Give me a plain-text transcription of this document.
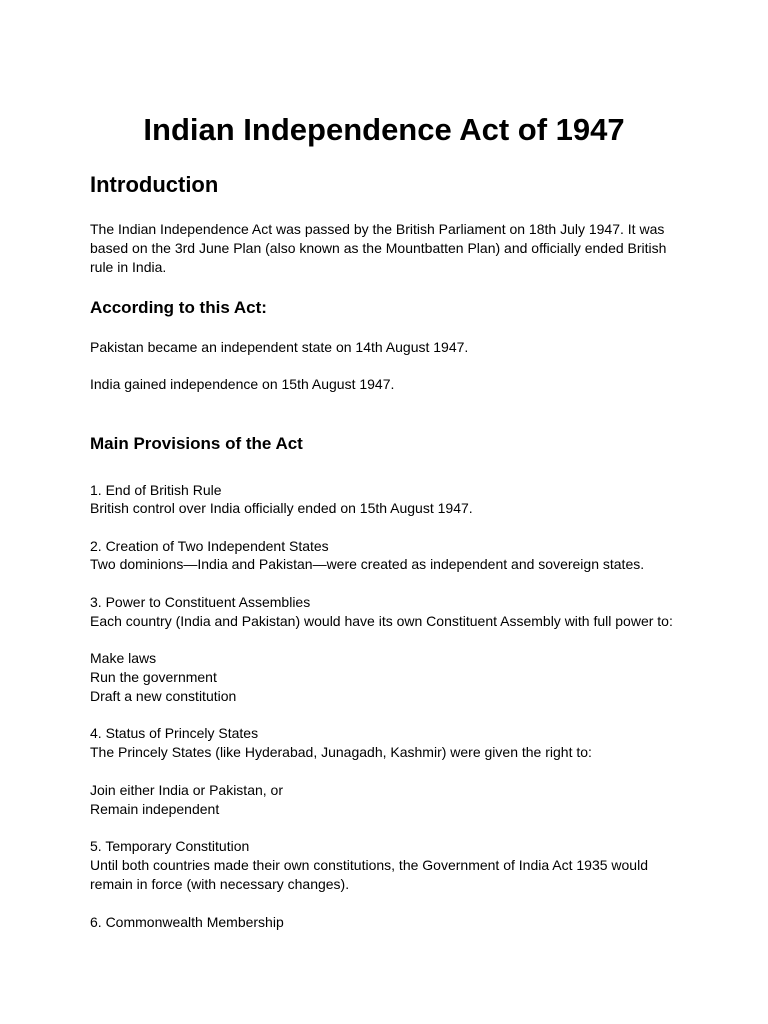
Indian Independence Act of 1947
Introduction

The Indian Independence Act was passed by the British Parliament on 18th July 1947. It was based on the 3rd June Plan (also known as the Mountbatten Plan) and officially ended British rule in India.

According to this Act:

Pakistan became an independent state on 14th August 1947.

India gained independence on 15th August 1947.

Main Provisions of the Act

1. End of British Rule

British control over India officially ended on 15th August 1947.

2. Creation of Two Independent States

Two dominions—India and Pakistan—were created as independent and sovereign states.

3. Power to Constituent Assemblies

Each country (India and Pakistan) would have its own Constituent Assembly with full power to:

Make laws

Run the government

Draft a new constitution

4. Status of Princely States

The Princely States (like Hyderabad, Junagadh, Kashmir) were given the right to:

Join either India or Pakistan, or

Remain independent

5. Temporary Constitution

Until both countries made their own constitutions, the Government of India Act 1935 would remain in force (with necessary changes).

6. Commonwealth Membership
